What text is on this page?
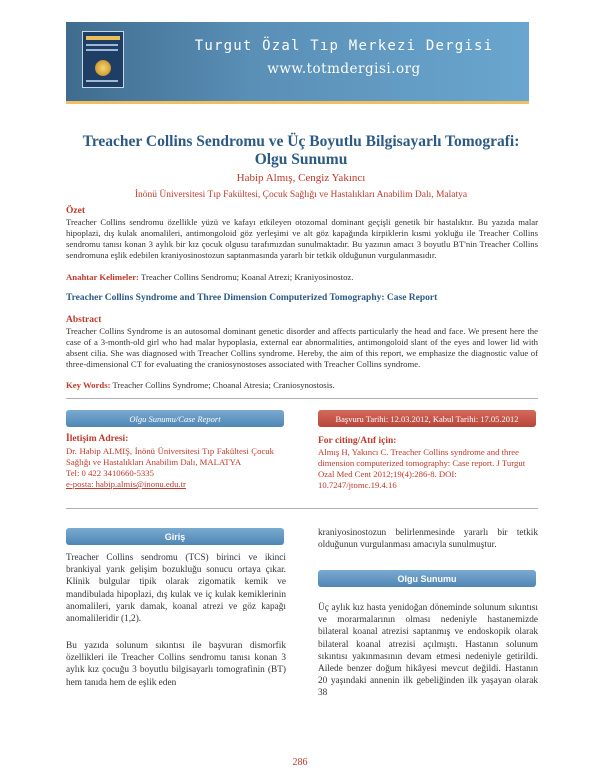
Turgut Özal Tıp Merkezi Dergisi
www.totmdergisi.org
Treacher Collins Sendromu ve Üç Boyutlu Bilgisayarlı Tomografi: Olgu Sunumu
Habip Almış, Cengiz Yakıncı
İnönü Üniversitesi Tıp Fakültesi, Çocuk Sağlığı ve Hastalıkları Anabilim Dalı, Malatya
Özet
Treacher Collins sendromu özellikle yüzü ve kafayı etkileyen otozomal dominant geçişli genetik bir hastalıktır. Bu yazıda malar hipoplazi, dış kulak anomalileri, antimongoloid göz yerleşimi ve alt göz kapağında kirpiklerin kısmi yokluğu ile Treacher Collins sendromu tanısı konan 3 aylık bir kız çocuk olgusu tarafımızdan sunulmaktadır. Bu yazının amacı 3 boyutlu BT'nin Treacher Collins sendromuna eşlik edebilen kraniyosinostozun saptanmasında yararlı bir tetkik olduğunun vurgulanmasıdır.
Anahtar Kelimeler: Treacher Collins Sendromu; Koanal Atrezi; Kraniyosinostoz.
Treacher Collins Syndrome and Three Dimension Computerized Tomography: Case Report
Abstract
Treacher Collins Syndrome is an autosomal dominant genetic disorder and affects particularly the head and face. We present here the case of a 3-month-old girl who had malar hypoplasia, external ear abnormalities, antimongoloid slant of the eyes and lower lid with absent cilia. She was diagnosed with Treacher Collins syndrome. Hereby, the aim of this report, we emphasize the diagnostic value of three-dimensional CT for evaluating the craniosynostoses associated with Treacher Collins syndrome.
Key Words: Treacher Collins Syndrome; Choanal Atresia; Craniosynostosis.
Olgu Sunumu/Case Report	Başvuru Tarihi: 12.03.2012, Kabul Tarihi: 17.05.2012
İletişim Adresi:
Dr. Habip ALMIŞ, İnönü Üniversitesi Tıp Fakültesi Çocuk Sağlığı ve Hastalıkları Anabilim Dalı, MALATYA
Tel: 0 422 3410660-5335
e-posta: habip.almis@inonu.edu.tr
For citing/Atıf için:
Almış H, Yakıncı C. Treacher Collins syndrome and three dimension computerized tomography: Case report. J Turgut Ozal Med Cent 2012;19(4):286-8. DOI: 10.7247/jtomc.19.4.16
Giriş
Olgu Sunumu
Treacher Collins sendromu (TCS) birinci ve ikinci brankiyal yarık gelişim bozukluğu sonucu ortaya çıkar. Klinik bulgular tipik olarak zigomatik kemik ve mandibulada hipoplazi, dış kulak ve iç kulak kemiklerinin anomalileri, yarık damak, koanal atrezi ve göz kapağı anomalileridir (1,2).
Bu yazıda solunum sıkıntısı ile başvuran dismorfik özellikleri ile Treacher Collins sendromu tanısı konan 3 aylık kız çocuğu 3 boyutlu bilgisayarlı tomografinin (BT) hem tanıda hem de eşlik eden
kraniyosinostozun belirlenmesinde yararlı bir tetkik olduğunun vurgulanması amacıyla sunulmuştur.
Üç aylık kız hasta yenidoğan döneminde solunum sıkıntısı ve morarmalarının olması nedeniyle hastanemizde bilateral koanal atrezisi saptanmış ve endoskopik olarak bilateral koanal atrezisi açılmıştı. Hastanın solunum sıkıntısı yakınmasının devam etmesi nedeniyle getirildi. Ailede benzer doğum hikâyesi mevcut değildi. Hastanın 20 yaşındaki annenin ilk gebeliğinden ilk yaşayan olarak 38
286
